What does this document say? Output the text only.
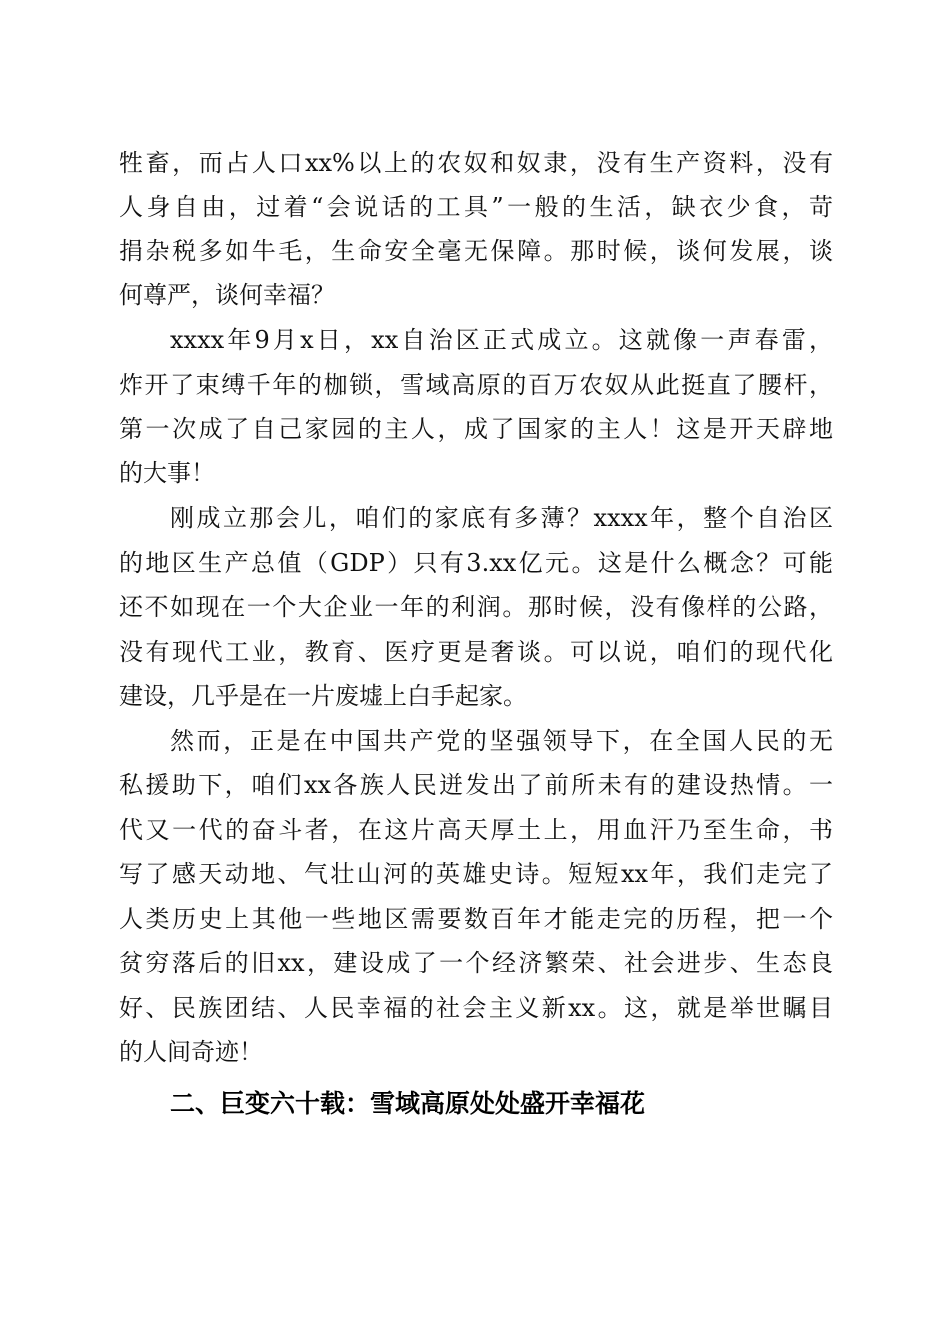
牲畜，而占人口xx%以上的农奴和奴隶，没有生产资料，没有
人身自由，过着“会说话的工具”一般的生活，缺衣少食，苛
捐杂税多如牛毛，生命安全毫无保障。那时候，谈何发展，谈
何尊严，谈何幸福？
xxxx年9月x日，xx自治区正式成立。这就像一声春雷，
炸开了束缚千年的枷锁，雪域高原的百万农奴从此挺直了腰杆，
第一次成了自己家园的主人，成了国家的主人！这是开天辟地
的大事！
刚成立那会儿，咱们的家底有多薄？xxxx年，整个自治区
的地区生产总值（GDP）只有3.xx亿元。这是什么概念？可能
还不如现在一个大企业一年的利润。那时候，没有像样的公路，
没有现代工业，教育、医疗更是奢谈。可以说，咱们的现代化
建设，几乎是在一片废墟上白手起家。
然而，正是在中国共产党的坚强领导下，在全国人民的无
私援助下，咱们xx各族人民迸发出了前所未有的建设热情。一
代又一代的奋斗者，在这片高天厚土上，用血汗乃至生命，书
写了感天动地、气壮山河的英雄史诗。短短xx年，我们走完了
人类历史上其他一些地区需要数百年才能走完的历程，把一个
贫穷落后的旧xx，建设成了一个经济繁荣、社会进步、生态良
好、民族团结、人民幸福的社会主义新xx。这，就是举世瞩目
的人间奇迹！
二、巨变六十载：雪域高原处处盛开幸福花
